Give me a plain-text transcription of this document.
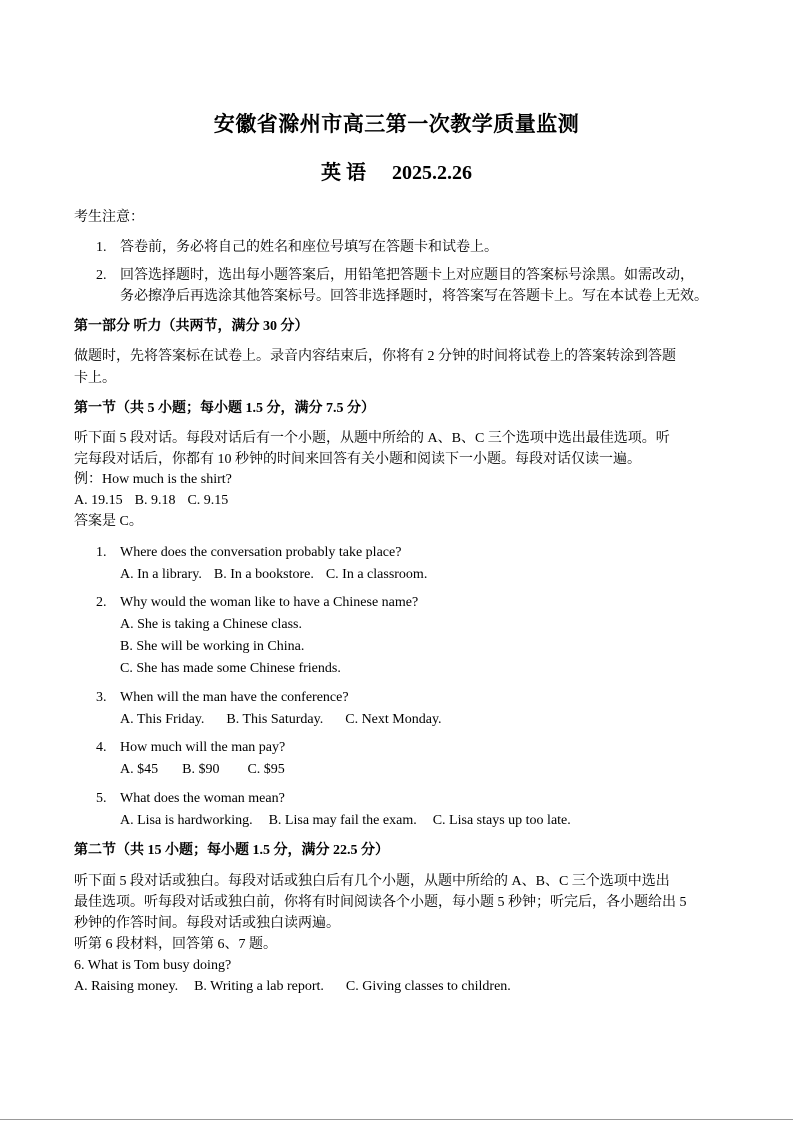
安徽省滁州市高三第一次教学质量监测
英 语 2025.2.26
考生注意：
1. 答卷前，务必将自己的姓名和座位号填写在答题卡和试卷上。
2. 回答选择题时，选出每小题答案后，用铅笔把答题卡上对应题目的答案标号涂黑。如需改动，
务必擦净后再选涂其他答案标号。回答非选择题时，将答案写在答题卡上。写在本试卷上无效。
第一部分 听力（共两节，满分 30 分）
做题时，先将答案标在试卷上。录音内容结束后，你将有 2 分钟的时间将试卷上的答案转涂到答题
卡上。
第一节（共 5 小题；每小题 1.5 分，满分 7.5 分）
听下面 5 段对话。每段对话后有一个小题，从题中所给的 A、B、C 三个选项中选出最佳选项。听
完每段对话后，你都有 10 秒钟的时间来回答有关小题和阅读下一小题。每段对话仅读一遍。
例：How much is the shirt?
A. 19.15 B. 9.18 C. 9.15
答案是 C。
1. Where does the conversation probably take place?
A. In a library. B. In a bookstore. C. In a classroom.
2. Why would the woman like to have a Chinese name?
A. She is taking a Chinese class.
B. She will be working in China.
C. She has made some Chinese friends.
3. When will the man have the conference?
A. This Friday. B. This Saturday. C. Next Monday.
4. How much will the man pay?
A. $45 B. $90 C. $95
5. What does the woman mean?
A. Lisa is hardworking. B. Lisa may fail the exam. C. Lisa stays up too late.
第二节（共 15 小题；每小题 1.5 分，满分 22.5 分）
听下面 5 段对话或独白。每段对话或独白后有几个小题，从题中所给的 A、B、C 三个选项中选出
最佳选项。听每段对话或独白前，你将有时间阅读各个小题，每小题 5 秒钟；听完后，各小题给出 5
秒钟的作答时间。每段对话或独白读两遍。
听第 6 段材料，回答第 6、7 题。
6. What is Tom busy doing?
A. Raising money. B. Writing a lab report. C. Giving classes to children.
